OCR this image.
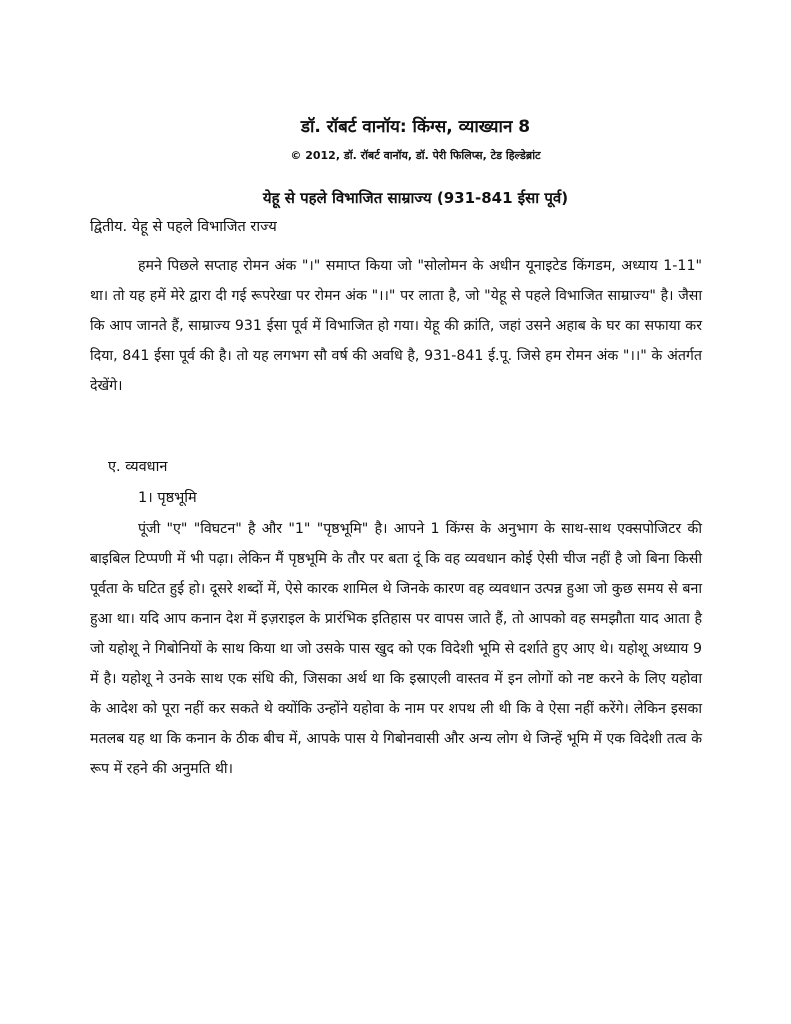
डॉ. रॉबर्ट वानॉय: किंग्स, व्याख्यान 8
© 2012, डॉ. रॉबर्ट वानॉय, डॉ. पेरी फिलिप्स, टेड हिल्डेब्रांट
येहू से पहले विभाजित साम्राज्य (931-841 ईसा पूर्व)
द्वितीय. येहू से पहले विभाजित राज्य

हमने पिछले सप्ताह रोमन अंक "।" समाप्त किया जो "सोलोमन के अधीन यूनाइटेड किंगडम, अध्याय 1-11" था। तो यह हमें मेरे द्वारा दी गई रूपरेखा पर रोमन अंक "।।" पर लाता है, जो "येहू से पहले विभाजित साम्राज्य" है। जैसा कि आप जानते हैं, साम्राज्य 931 ईसा पूर्व में विभाजित हो गया। येहू की क्रांति, जहां उसने अहाब के घर का सफाया कर दिया, 841 ईसा पूर्व की है। तो यह लगभग सौ वर्ष की अवधि है, 931-841 ई.पू. जिसे हम रोमन अंक "।।" के अंतर्गत देखेंगे।

ए. व्यवधान
1। पृष्ठभूमि

पूंजी "ए" "विघटन" है और "1" "पृष्ठभूमि" है। आपने 1 किंग्स के अनुभाग के साथ-साथ एक्सपोजिटर की बाइबिल टिप्पणी में भी पढ़ा। लेकिन मैं पृष्ठभूमि के तौर पर बता दूं कि वह व्यवधान कोई ऐसी चीज नहीं है जो बिना किसी पूर्वता के घटित हुई हो। दूसरे शब्दों में, ऐसे कारक शामिल थे जिनके कारण वह व्यवधान उत्पन्न हुआ जो कुछ समय से बना हुआ था। यदि आप कनान देश में इज़राइल के प्रारंभिक इतिहास पर वापस जाते हैं, तो आपको वह समझौता याद आता है जो यहोशू ने गिबोनियों के साथ किया था जो उसके पास खुद को एक विदेशी भूमि से दर्शाते हुए आए थे। यहोशू अध्याय 9 में है। यहोशू ने उनके साथ एक संधि की, जिसका अर्थ था कि इस्राएली वास्तव में इन लोगों को नष्ट करने के लिए यहोवा के आदेश को पूरा नहीं कर सकते थे क्योंकि उन्होंने यहोवा के नाम पर शपथ ली थी कि वे ऐसा नहीं करेंगे। लेकिन इसका मतलब यह था कि कनान के ठीक बीच में, आपके पास ये गिबोनवासी और अन्य लोग थे जिन्हें भूमि में एक विदेशी तत्व के रूप में रहने की अनुमति थी।
